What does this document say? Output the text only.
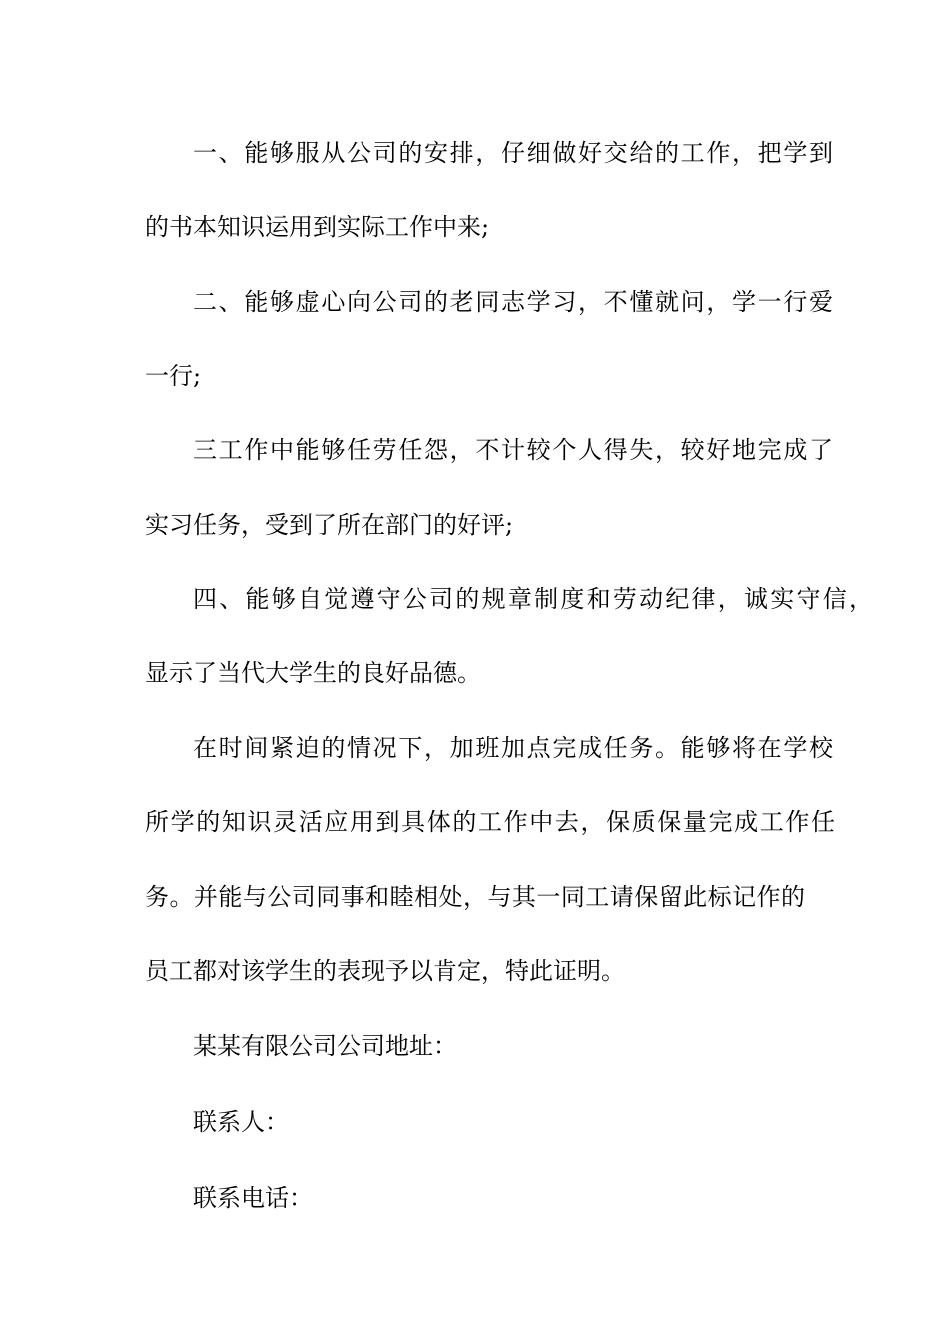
一、能够服从公司的安排，仔细做好交给的工作，把学到
的书本知识运用到实际工作中来;
二、能够虚心向公司的老同志学习，不懂就问，学一行爱
一行;
三工作中能够任劳任怨，不计较个人得失，较好地完成了
实习任务，受到了所在部门的好评;
四、能够自觉遵守公司的规章制度和劳动纪律，诚实守信，
显示了当代大学生的良好品德。
在时间紧迫的情况下，加班加点完成任务。能够将在学校
所学的知识灵活应用到具体的工作中去，保质保量完成工作任
务。并能与公司同事和睦相处，与其一同工请保留此标记作的
员工都对该学生的表现予以肯定，特此证明。
某某有限公司公司地址：
联系人：
联系电话：
